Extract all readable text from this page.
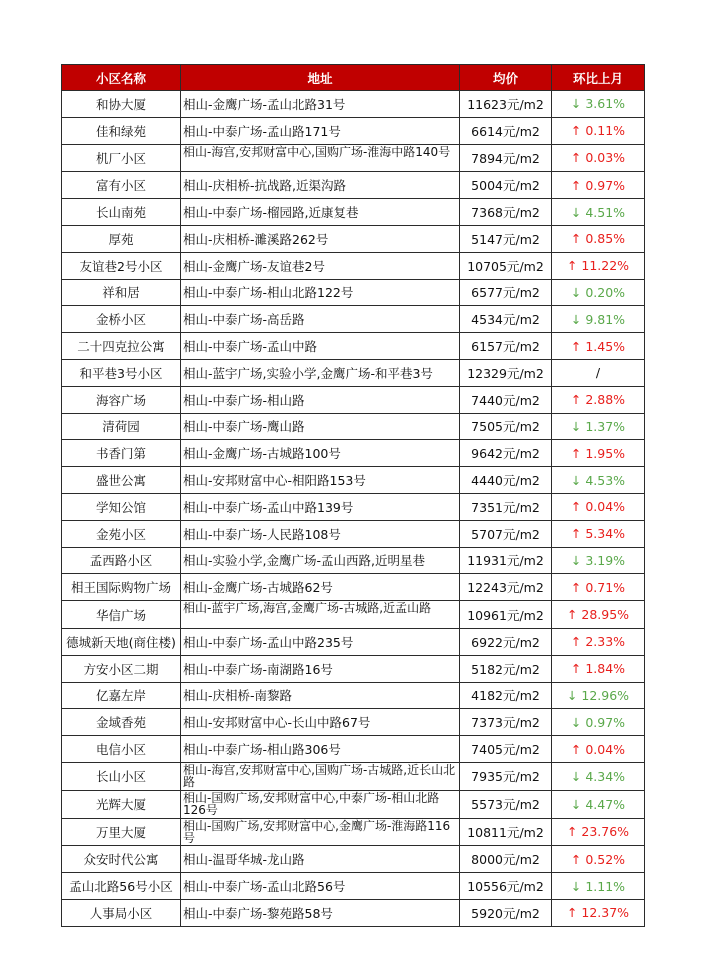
小区名称	地址	均价	环比上月
和协大厦	相山-金鹰广场-孟山北路31号	11623元/m2	↓ 3.61%
佳和绿苑	相山-中泰广场-孟山路171号	6614元/m2	↑ 0.11%
机厂小区	相山-海宫,安邦财富中心,国购广场-淮海中路140号	7894元/m2	↑ 0.03%
富有小区	相山-庆相桥-抗战路,近渠沟路	5004元/m2	↑ 0.97%
长山南苑	相山-中泰广场-榴园路,近康复巷	7368元/m2	↓ 4.51%
厚苑	相山-庆相桥-濉溪路262号	5147元/m2	↑ 0.85%
友谊巷2号小区	相山-金鹰广场-友谊巷2号	10705元/m2	↑ 11.22%
祥和居	相山-中泰广场-相山北路122号	6577元/m2	↓ 0.20%
金桥小区	相山-中泰广场-高岳路	4534元/m2	↓ 9.81%
二十四克拉公寓	相山-中泰广场-孟山中路	6157元/m2	↑ 1.45%
和平巷3号小区	相山-蓝宇广场,实验小学,金鹰广场-和平巷3号	12329元/m2	/
海容广场	相山-中泰广场-相山路	7440元/m2	↑ 2.88%
清荷园	相山-中泰广场-鹰山路	7505元/m2	↓ 1.37%
书香门第	相山-金鹰广场-古城路100号	9642元/m2	↑ 1.95%
盛世公寓	相山-安邦财富中心-相阳路153号	4440元/m2	↓ 4.53%
学知公馆	相山-中泰广场-孟山中路139号	7351元/m2	↑ 0.04%
金苑小区	相山-中泰广场-人民路108号	5707元/m2	↑ 5.34%
孟西路小区	相山-实验小学,金鹰广场-孟山西路,近明星巷	11931元/m2	↓ 3.19%
相王国际购物广场	相山-金鹰广场-古城路62号	12243元/m2	↑ 0.71%
华信广场	相山-蓝宇广场,海宫,金鹰广场-古城路,近孟山路	10961元/m2	↑ 28.95%
德城新天地(商住楼)	相山-中泰广场-孟山中路235号	6922元/m2	↑ 2.33%
方安小区二期	相山-中泰广场-南湖路16号	5182元/m2	↑ 1.84%
亿嘉左岸	相山-庆相桥-南黎路	4182元/m2	↓ 12.96%
金域香苑	相山-安邦财富中心-长山中路67号	7373元/m2	↓ 0.97%
电信小区	相山-中泰广场-相山路306号	7405元/m2	↑ 0.04%
长山小区	相山-海宫,安邦财富中心,国购广场-古城路,近长山北路	7935元/m2	↓ 4.34%
光辉大厦	相山-国购广场,安邦财富中心,中泰广场-相山北路126号	5573元/m2	↓ 4.47%
万里大厦	相山-国购广场,安邦财富中心,金鹰广场-淮海路116号	10811元/m2	↑ 23.76%
众安时代公寓	相山-温哥华城-龙山路	8000元/m2	↑ 0.52%
孟山北路56号小区	相山-中泰广场-孟山北路56号	10556元/m2	↓ 1.11%
人事局小区	相山-中泰广场-黎苑路58号	5920元/m2	↑ 12.37%
